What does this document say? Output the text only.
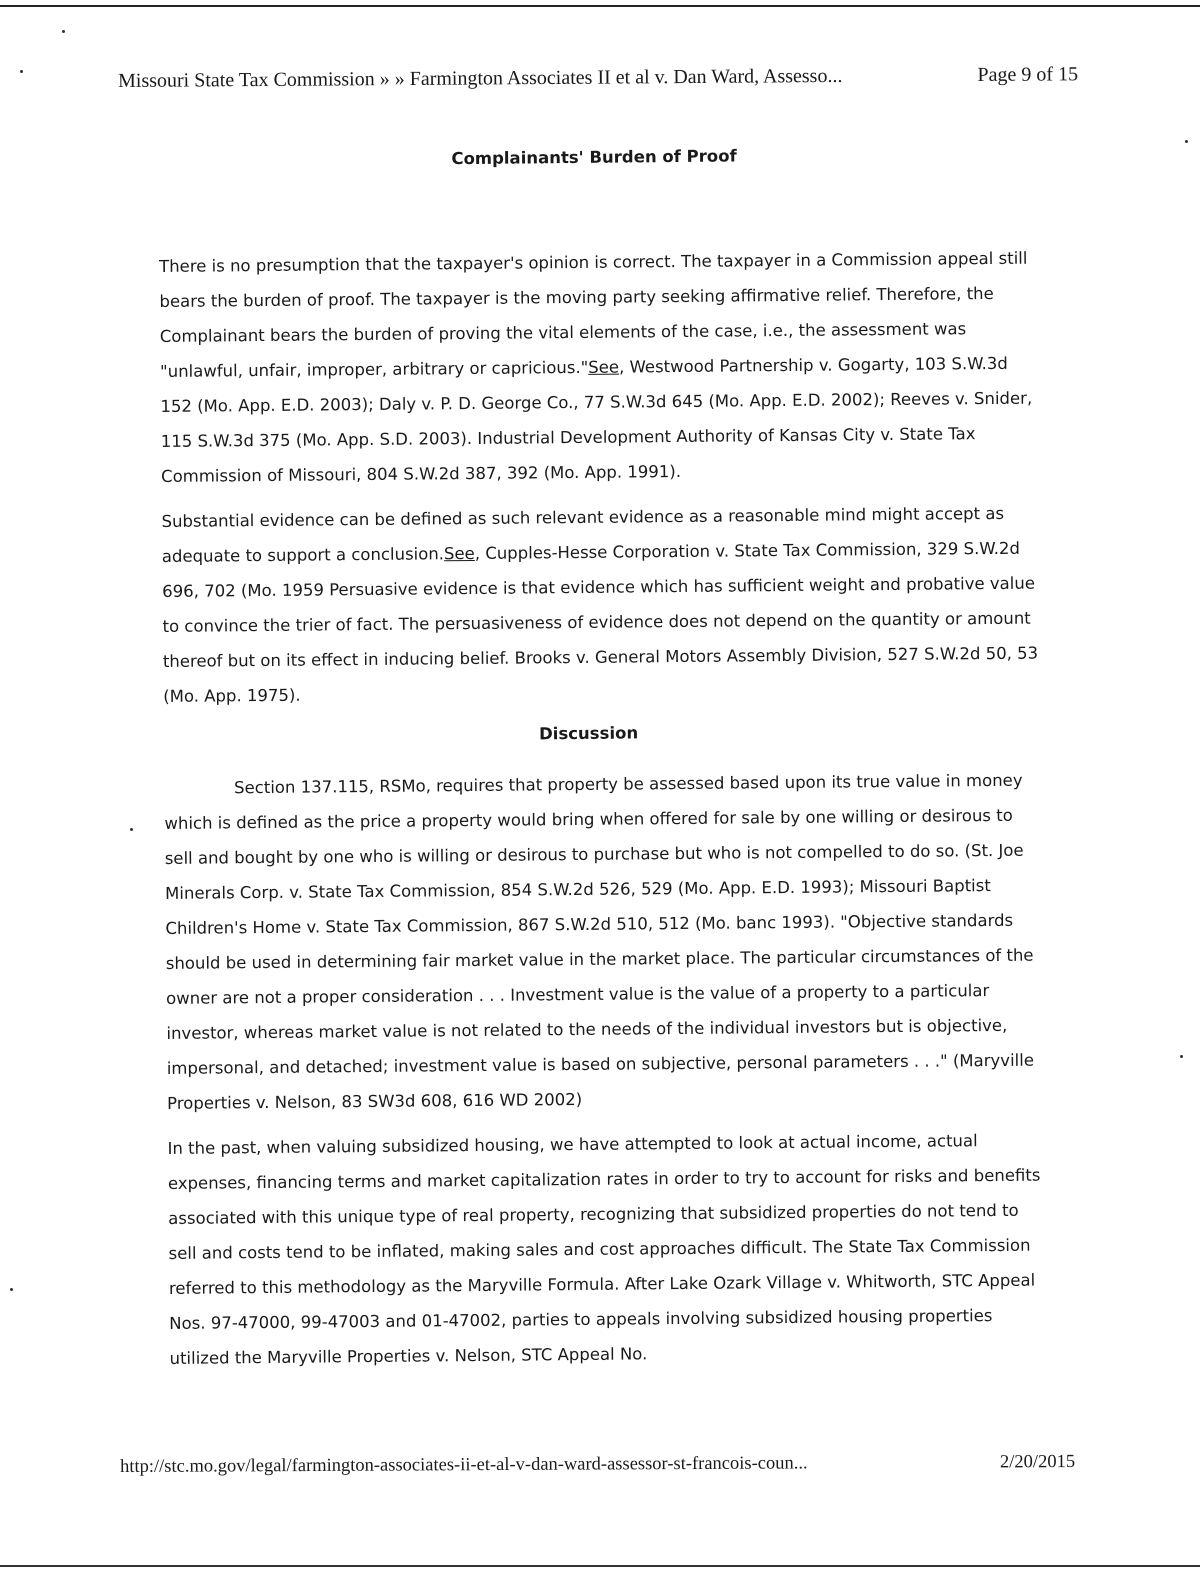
Missouri State Tax Commission » » Farmington Associates II et al v. Dan Ward, Assesso...	Page 9 of 15

Complainants' Burden of Proof

There is no presumption that the taxpayer's opinion is correct. The taxpayer in a Commission appeal still bears the burden of proof. The taxpayer is the moving party seeking affirmative relief. Therefore, the Complainant bears the burden of proving the vital elements of the case, i.e., the assessment was "unlawful, unfair, improper, arbitrary or capricious."See, Westwood Partnership v. Gogarty, 103 S.W.3d 152 (Mo. App. E.D. 2003); Daly v. P. D. George Co., 77 S.W.3d 645 (Mo. App. E.D. 2002); Reeves v. Snider, 115 S.W.3d 375 (Mo. App. S.D. 2003). Industrial Development Authority of Kansas City v. State Tax Commission of Missouri, 804 S.W.2d 387, 392 (Mo. App. 1991).

Substantial evidence can be defined as such relevant evidence as a reasonable mind might accept as adequate to support a conclusion.See, Cupples-Hesse Corporation v. State Tax Commission, 329 S.W.2d 696, 702 (Mo. 1959 Persuasive evidence is that evidence which has sufficient weight and probative value to convince the trier of fact. The persuasiveness of evidence does not depend on the quantity or amount thereof but on its effect in inducing belief. Brooks v. General Motors Assembly Division, 527 S.W.2d 50, 53 (Mo. App. 1975).

Discussion

Section 137.115, RSMo, requires that property be assessed based upon its true value in money which is defined as the price a property would bring when offered for sale by one willing or desirous to sell and bought by one who is willing or desirous to purchase but who is not compelled to do so. (St. Joe Minerals Corp. v. State Tax Commission, 854 S.W.2d 526, 529 (Mo. App. E.D. 1993); Missouri Baptist Children's Home v. State Tax Commission, 867 S.W.2d 510, 512 (Mo. banc 1993). "Objective standards should be used in determining fair market value in the market place. The particular circumstances of the owner are not a proper consideration . . . Investment value is the value of a property to a particular investor, whereas market value is not related to the needs of the individual investors but is objective, impersonal, and detached; investment value is based on subjective, personal parameters . . ." (Maryville Properties v. Nelson, 83 SW3d 608, 616 WD 2002)

In the past, when valuing subsidized housing, we have attempted to look at actual income, actual expenses, financing terms and market capitalization rates in order to try to account for risks and benefits associated with this unique type of real property, recognizing that subsidized properties do not tend to sell and costs tend to be inflated, making sales and cost approaches difficult. The State Tax Commission referred to this methodology as the Maryville Formula. After Lake Ozark Village v. Whitworth, STC Appeal Nos. 97-47000, 99-47003 and 01-47002, parties to appeals involving subsidized housing properties utilized the Maryville Properties v. Nelson, STC Appeal No.

http://stc.mo.gov/legal/farmington-associates-ii-et-al-v-dan-ward-assessor-st-francois-coun...	2/20/2015
